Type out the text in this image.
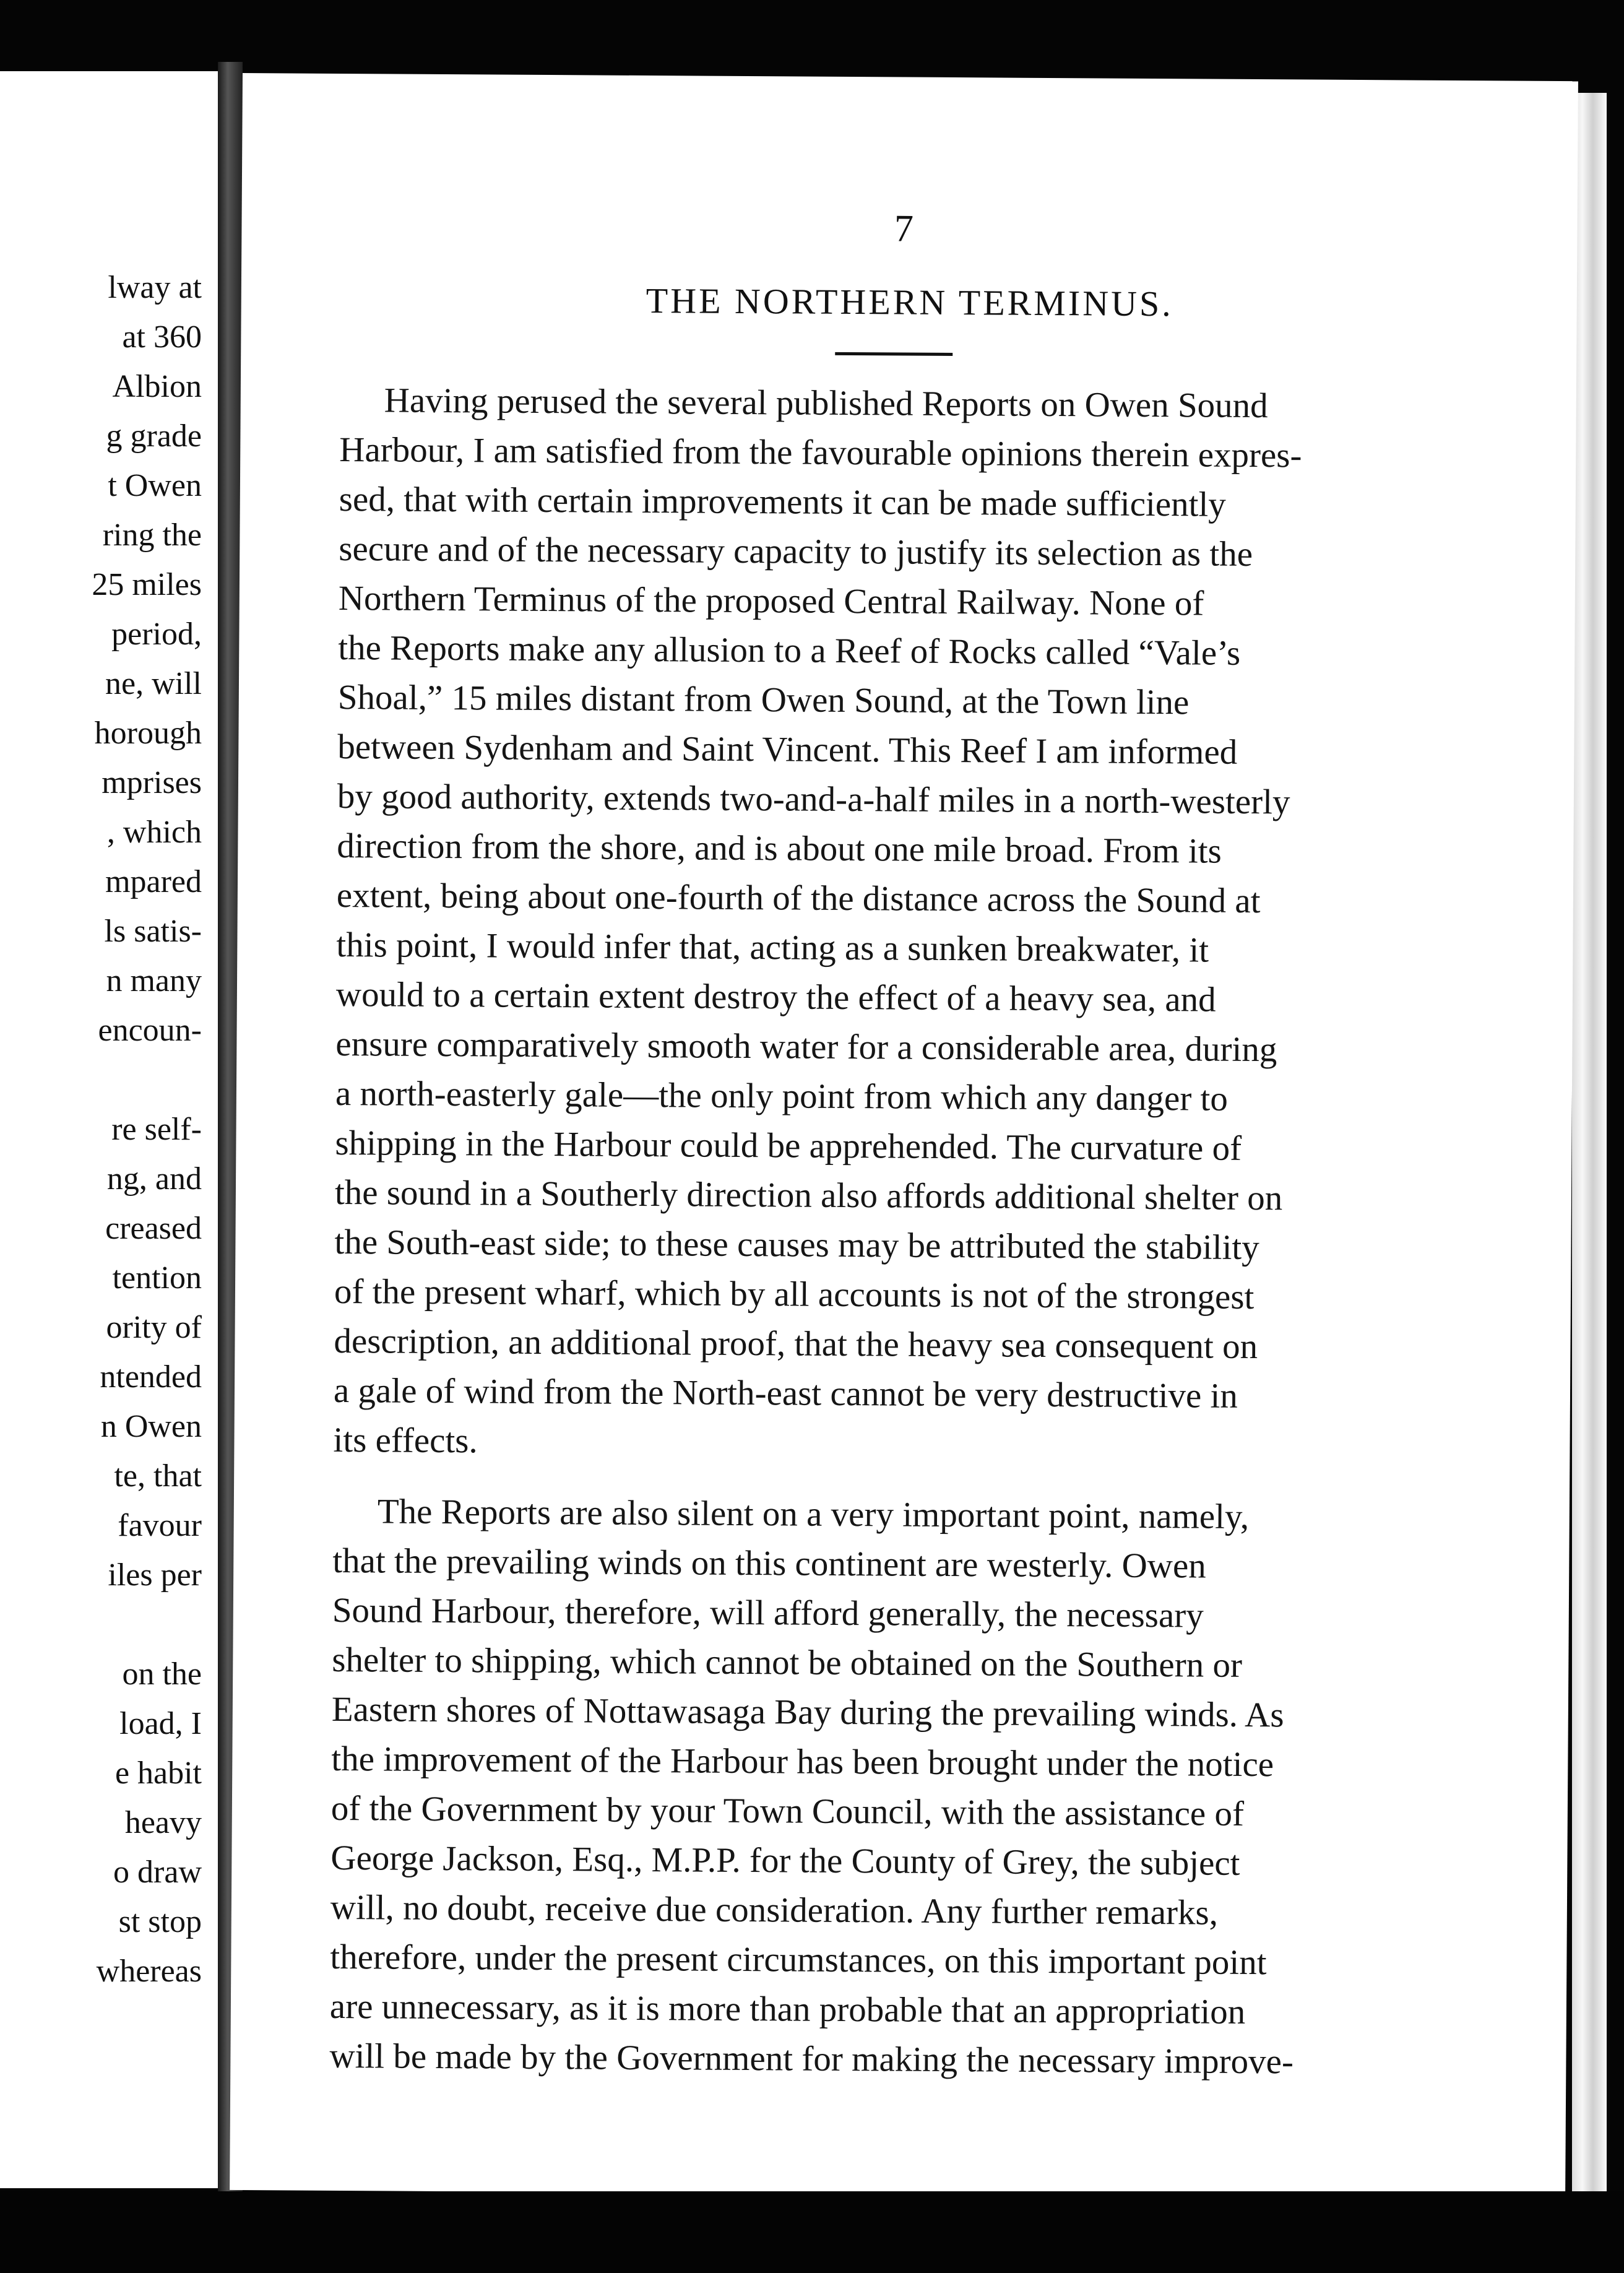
lway at

at 360

Albion

g grade

t Owen

ring the

25 miles

period,

ne, will

horough

mprises

, which

mpared

ls satis-

n many

encoun-

re self-

ng, and

creased

tention

ority of

ntended

n Owen

te, that

favour

iles per

on the

load, I

e habit

heavy

o draw

st stop

whereas

7

THE NORTHERN TERMINUS.

Having perused the several published Reports on Owen Sound

Harbour, I am satisfied from the favourable opinions therein expres-

sed, that with certain improvements it can be made sufficiently

secure and of the necessary capacity to justify its selection as the

Northern Terminus of the proposed Central Railway. None of

the Reports make any allusion to a Reef of Rocks called “Vale’s

Shoal,” 15 miles distant from Owen Sound, at the Town line

between Sydenham and Saint Vincent. This Reef I am informed

by good authority, extends two-and-a-half miles in a north-westerly

direction from the shore, and is about one mile broad. From its

extent, being about one-fourth of the distance across the Sound at

this point, I would infer that, acting as a sunken breakwater, it

would to a certain extent destroy the effect of a heavy sea, and

ensure comparatively smooth water for a considerable area, during

a north-easterly gale—the only point from which any danger to

shipping in the Harbour could be apprehended. The curvature of

the sound in a Southerly direction also affords additional shelter on

the South-east side; to these causes may be attributed the stability

of the present wharf, which by all accounts is not of the strongest

description, an additional proof, that the heavy sea consequent on

a gale of wind from the North-east cannot be very destructive in

its effects.

The Reports are also silent on a very important point, namely,

that the prevailing winds on this continent are westerly. Owen

Sound Harbour, therefore, will afford generally, the necessary

shelter to shipping, which cannot be obtained on the Southern or

Eastern shores of Nottawasaga Bay during the prevailing winds. As

the improvement of the Harbour has been brought under the notice

of the Government by your Town Council, with the assistance of

George Jackson, Esq., M.P.P. for the County of Grey, the subject

will, no doubt, receive due consideration. Any further remarks,

therefore, under the present circumstances, on this important point

are unnecessary, as it is more than probable that an appropriation

will be made by the Government for making the necessary improve-
